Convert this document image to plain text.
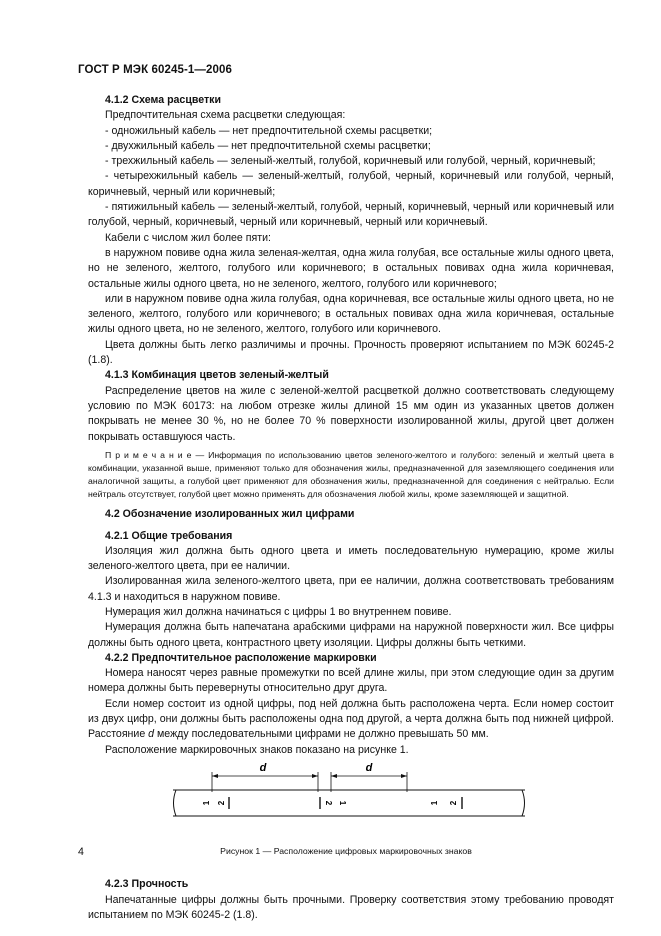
ГОСТ Р МЭК 60245-1—2006

4.1.2 Схема расцветки

Предпочтительная схема расцветки следующая:

- одножильный кабель — нет предпочтительной схемы расцветки;

- двухжильный кабель — нет предпочтительной схемы расцветки;

- трехжильный кабель — зеленый-желтый, голубой, коричневый или голубой, черный, коричневый;

- четырехжильный кабель — зеленый-желтый, голубой, черный, коричневый или голубой, черный, коричневый, черный или коричневый;

- пятижильный кабель — зеленый-желтый, голубой, черный, коричневый, черный или коричневый или голубой, черный, коричневый, черный или коричневый, черный или коричневый.

Кабели с числом жил более пяти:

в наружном повиве одна жила зеленая-желтая, одна жила голубая, все остальные жилы одного цвета, но не зеленого, желтого, голубого или коричневого; в остальных повивах одна жила коричневая, остальные жилы одного цвета, но не зеленого, желтого, голубого или коричневого;

или в наружном повиве одна жила голубая, одна коричневая, все остальные жилы одного цвета, но не зеленого, желтого, голубого или коричневого; в остальных повивах одна жила коричневая, остальные жилы одного цвета, но не зеленого, желтого, голубого или коричневого.

Цвета должны быть легко различимы и прочны. Прочность проверяют испытанием по МЭК 60245-2 (1.8).

4.1.3 Комбинация цветов зеленый-желтый

Распределение цветов на жиле с зеленой-желтой расцветкой должно соответствовать следующему условию по МЭК 60173: на любом отрезке жилы длиной 15 мм один из указанных цветов должен покрывать не менее 30 %, но не более 70 % поверхности изолированной жилы, другой цвет должен покрывать оставшуюся часть.

П р и м е ч а н и е — Информация по использованию цветов зеленого-желтого и голубого: зеленый и желтый цвета в комбинации, указанной выше, применяют только для обозначения жилы, предназначенной для заземляющего соединения или аналогичной защиты, а голубой цвет применяют для обозначения жилы, предназначенной для соединения с нейтралью. Если нейтраль отсутствует, голубой цвет можно применять для обозначения любой жилы, кроме заземляющей и защитной.

4.2 Обозначение изолированных жил цифрами

4.2.1 Общие требования

Изоляция жил должна быть одного цвета и иметь последовательную нумерацию, кроме жилы зеленого-желтого цвета, при ее наличии.

Изолированная жила зеленого-желтого цвета, при ее наличии, должна соответствовать требованиям 4.1.3 и находиться в наружном повиве.

Нумерация жил должна начинаться с цифры 1 во внутреннем повиве.

Нумерация должна быть напечатана арабскими цифрами на наружной поверхности жил. Все цифры должны быть одного цвета, контрастного цвету изоляции. Цифры должны быть четкими.

4.2.2 Предпочтительное расположение маркировки

Номера наносят через равные промежутки по всей длине жилы, при этом следующие один за другим номера должны быть перевернуты относительно друг друга.

Если номер состоит из одной цифры, под ней должна быть расположена черта. Если номер состоит из двух цифр, они должны быть расположены одна под другой, а черта должна быть под нижней цифрой. Расстояние d между последовательными цифрами не должно превышать 50 мм.

Расположение маркировочных знаков показано на рисунке 1.

d	d
1 2	2 1	1 2

Рисунок 1 — Расположение цифровых маркировочных знаков

4.2.3 Прочность

Напечатанные цифры должны быть прочными. Проверку соответствия этому требованию проводят испытанием по МЭК 60245-2 (1.8).

4
